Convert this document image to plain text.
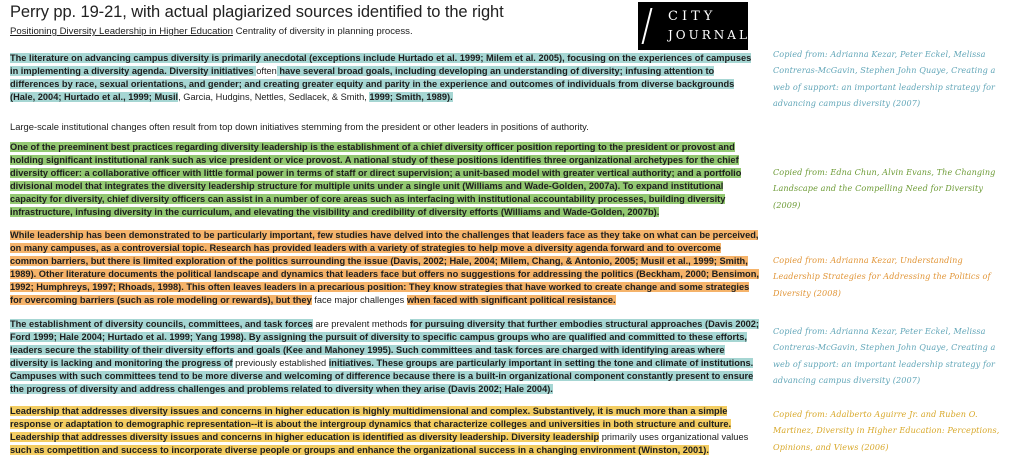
Perry pp. 19-21, with actual plagiarized sources identified to the right	CITY
JOURNAL
Positioning Diversity Leadership in Higher Education Centrality of diversity in planning process.
The literature on advancing campus diversity is primarily anecdotal (exceptions include Hurtado et al. 1999; Milem et al. 2005), focusing on the experiences of campuses in implementing a diversity agenda. Diversity initiatives often have several broad goals, including developing an understanding of diversity; infusing attention to differences by race, sexual orientations, and gender; and creating greater equity and parity in the experience and outcomes of individuals from diverse backgrounds (Hale, 2004; Hurtado et al., 1999; Musil, Garcia, Hudgins, Nettles, Sedlacek, & Smith, 1999; Smith, 1989).
Large-scale institutional changes often result from top down initiatives stemming from the president or other leaders in positions of authority.
One of the preeminent best practices regarding diversity leadership is the establishment of a chief diversity officer position reporting to the president or provost and holding significant institutional rank such as vice president or vice provost. A national study of these positions identifies three organizational archetypes for the chief diversity officer: a collaborative officer with little formal power in terms of staff or direct supervision; a unit-based model with greater vertical authority; and a portfolio divisional model that integrates the diversity leadership structure for multiple units under a single unit (Williams and Wade-Golden, 2007a). To expand institutional capacity for diversity, chief diversity officers can assist in a number of core areas such as interfacing with institutional accountability processes, building diversity infrastructure, infusing diversity in the curriculum, and elevating the visibility and credibility of diversity efforts (Williams and Wade-Golden, 2007b).
While leadership has been demonstrated to be particularly important, few studies have delved into the challenges that leaders face as they take on what can be perceived, on many campuses, as a controversial topic. Research has provided leaders with a variety of strategies to help move a diversity agenda forward and to overcome common barriers, but there is limited exploration of the politics surrounding the issue (Davis, 2002; Hale, 2004; Milem, Chang, & Antonio, 2005; Musil et al., 1999; Smith, 1989). Other literature documents the political landscape and dynamics that leaders face but offers no suggestions for addressing the politics (Beckham, 2000; Bensimon, 1992; Humphreys, 1997; Rhoads, 1998). This often leaves leaders in a precarious position: They know strategies that have worked to create change and some strategies for overcoming barriers (such as role modeling or rewards), but they face major challenges when faced with significant political resistance.
The establishment of diversity councils, committees, and task forces are prevalent methods for pursuing diversity that further embodies structural approaches (Davis 2002; Ford 1999; Hale 2004; Hurtado et al. 1999; Yang 1998). By assigning the pursuit of diversity to specific campus groups who are qualified and committed to these efforts, leaders secure the stability of their diversity efforts and goals (Kee and Mahoney 1995). Such committees and task forces are charged with identifying areas where diversity is lacking and monitoring the progress of previously established initiatives. These groups are particularly important in setting the tone and climate of institutions. Campuses with such committees tend to be more diverse and welcoming of difference because there is a built-in organizational component constantly present to ensure the progress of diversity and address challenges and problems related to diversity when they arise (Davis 2002; Hale 2004).
Leadership that addresses diversity issues and concerns in higher education is highly multidimensional and complex. Substantively, it is much more than a simple response or adaptation to demographic representation--it is about the intergroup dynamics that characterize colleges and universities in both structure and culture. Leadership that addresses diversity issues and concerns in higher education is identified as diversity leadership. Diversity leadership primarily uses organizational values such as competition and success to incorporate diverse people or groups and enhance the organizational success in a changing environment (Winston, 2001).
Copied from: Adrianna Kezar, Peter Eckel, Melissa Contreras-McGavin, Stephen John Quaye, Creating a web of support: an important leadership strategy for advancing campus diversity (2007)
Copied from: Edna Chun, Alvin Evans, The Changing Landscape and the Compelling Need for Diversity (2009)
Copied from: Adrianna Kezar, Understanding Leadership Strategies for Addressing the Politics of Diversity (2008)
Copied from: Adrianna Kezar, Peter Eckel, Melissa Contreras-McGavin, Stephen John Quaye, Creating a web of support: an important leadership strategy for advancing campus diversity (2007)
Copied from: Adalberto Aguirre Jr. and Ruben O. Martinez, Diversity in Higher Education: Perceptions, Opinions, and Views (2006)
